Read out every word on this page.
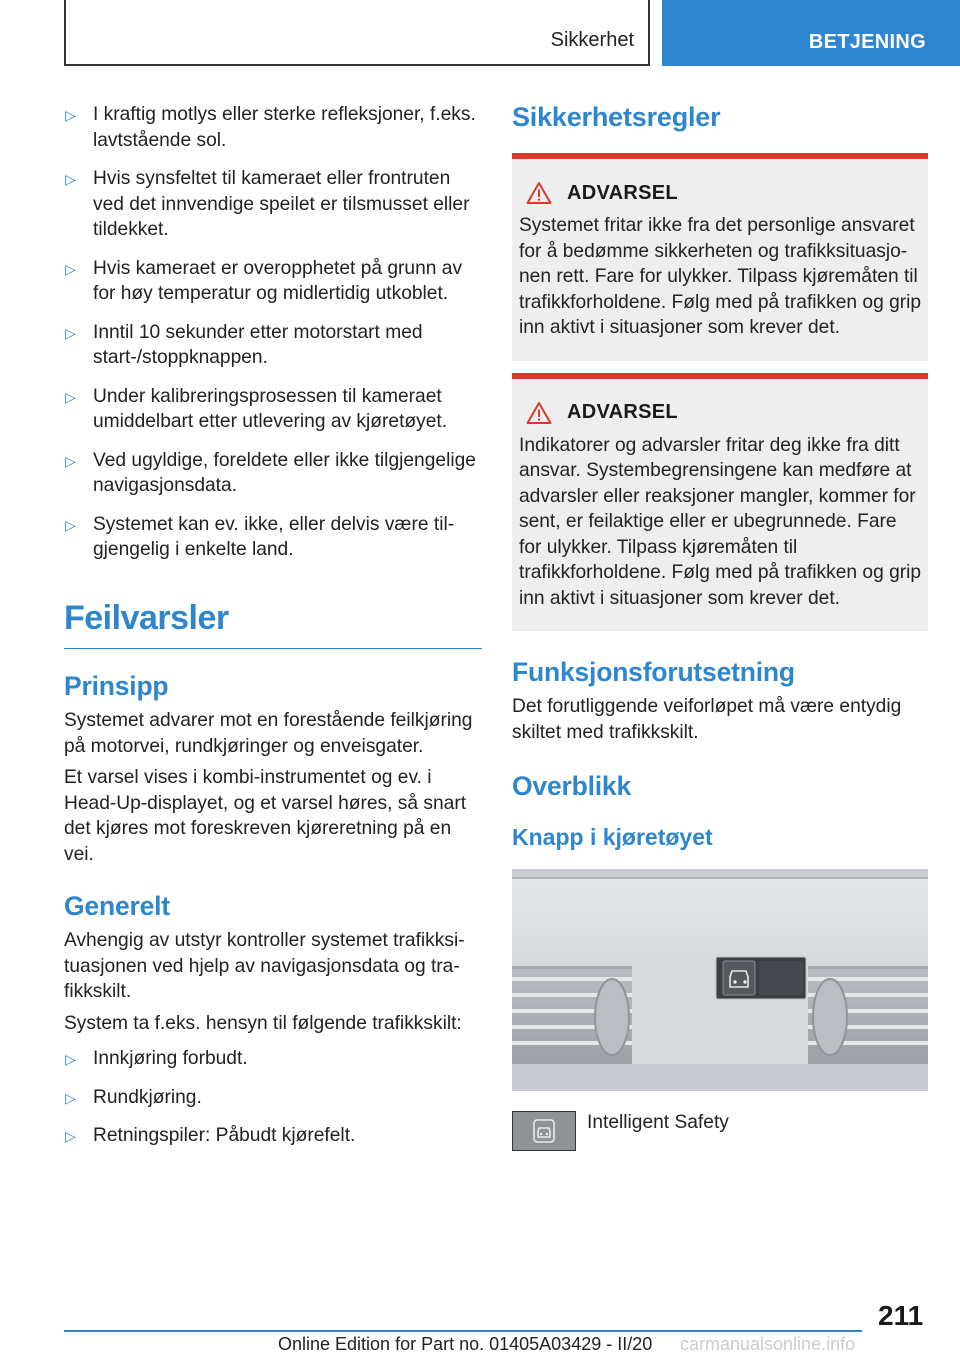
Sikkerhet	BETJENING
▷ I kraftig motlys eller sterke refleksjoner, f.eks. lavtstående sol.
▷ Hvis synsfeltet til kameraet eller frontruten ved det innvendige speilet er tilsmusset eller tildekket.
▷ Hvis kameraet er overopphetet på grunn av for høy temperatur og midlertidig utkoblet.
▷ Inntil 10 sekunder etter motorstart med start-/stoppknappen.
▷ Under kalibreringsprosessen til kameraet umiddelbart etter utlevering av kjøretøyet.
▷ Ved ugyldige, foreldete eller ikke tilgjengelige navigasjonsdata.
▷ Systemet kan ev. ikke, eller delvis være tilgjengelig i enkelte land.
Feilvarsler
Prinsipp

Systemet advarer mot en forestående feilkjøring på motorvei, rundkjøringer og enveisgater.

Et varsel vises i kombi-instrumentet og ev. i Head-Up-displayet, og et varsel høres, så snart det kjøres mot foreskreven kjøreretning på en vei.

Generelt

Avhengig av utstyr kontroller systemet trafikksituasjonen ved hjelp av navigasjonsdata og trafikkskilt.

System ta f.eks. hensyn til følgende trafikkskilt:

▷ Innkjøring forbudt.
▷ Rundkjøring.
▷ Retningspiler: Påbudt kjørefelt.
Sikkerhetsregler
ADVARSEL

Systemet fritar ikke fra det personlige ansvaret for å bedømme sikkerheten og trafikksituasjonen rett. Fare for ulykker. Tilpass kjøremåten til trafikkforholdene. Følg med på trafikken og grip inn aktivt i situasjoner som krever det.

ADVARSEL

Indikatorer og advarsler fritar deg ikke fra ditt ansvar. Systembegrensingene kan medføre at advarsler eller reaksjoner mangler, kommer for sent, er feilaktige eller er ubegrunnede. Fare for ulykker. Tilpass kjøremåten til trafikkforholdene. Følg med på trafikken og grip inn aktivt i situasjoner som krever det.

Funksjonsforutsetning

Det forutliggende veiforløpet må være entydig skiltet med trafikkskilt.

Overblikk
Knapp i kjøretøyet
Intelligent Safety
211
Online Edition for Part no. 01405A03429 - II/20 carmanualsonline.info
